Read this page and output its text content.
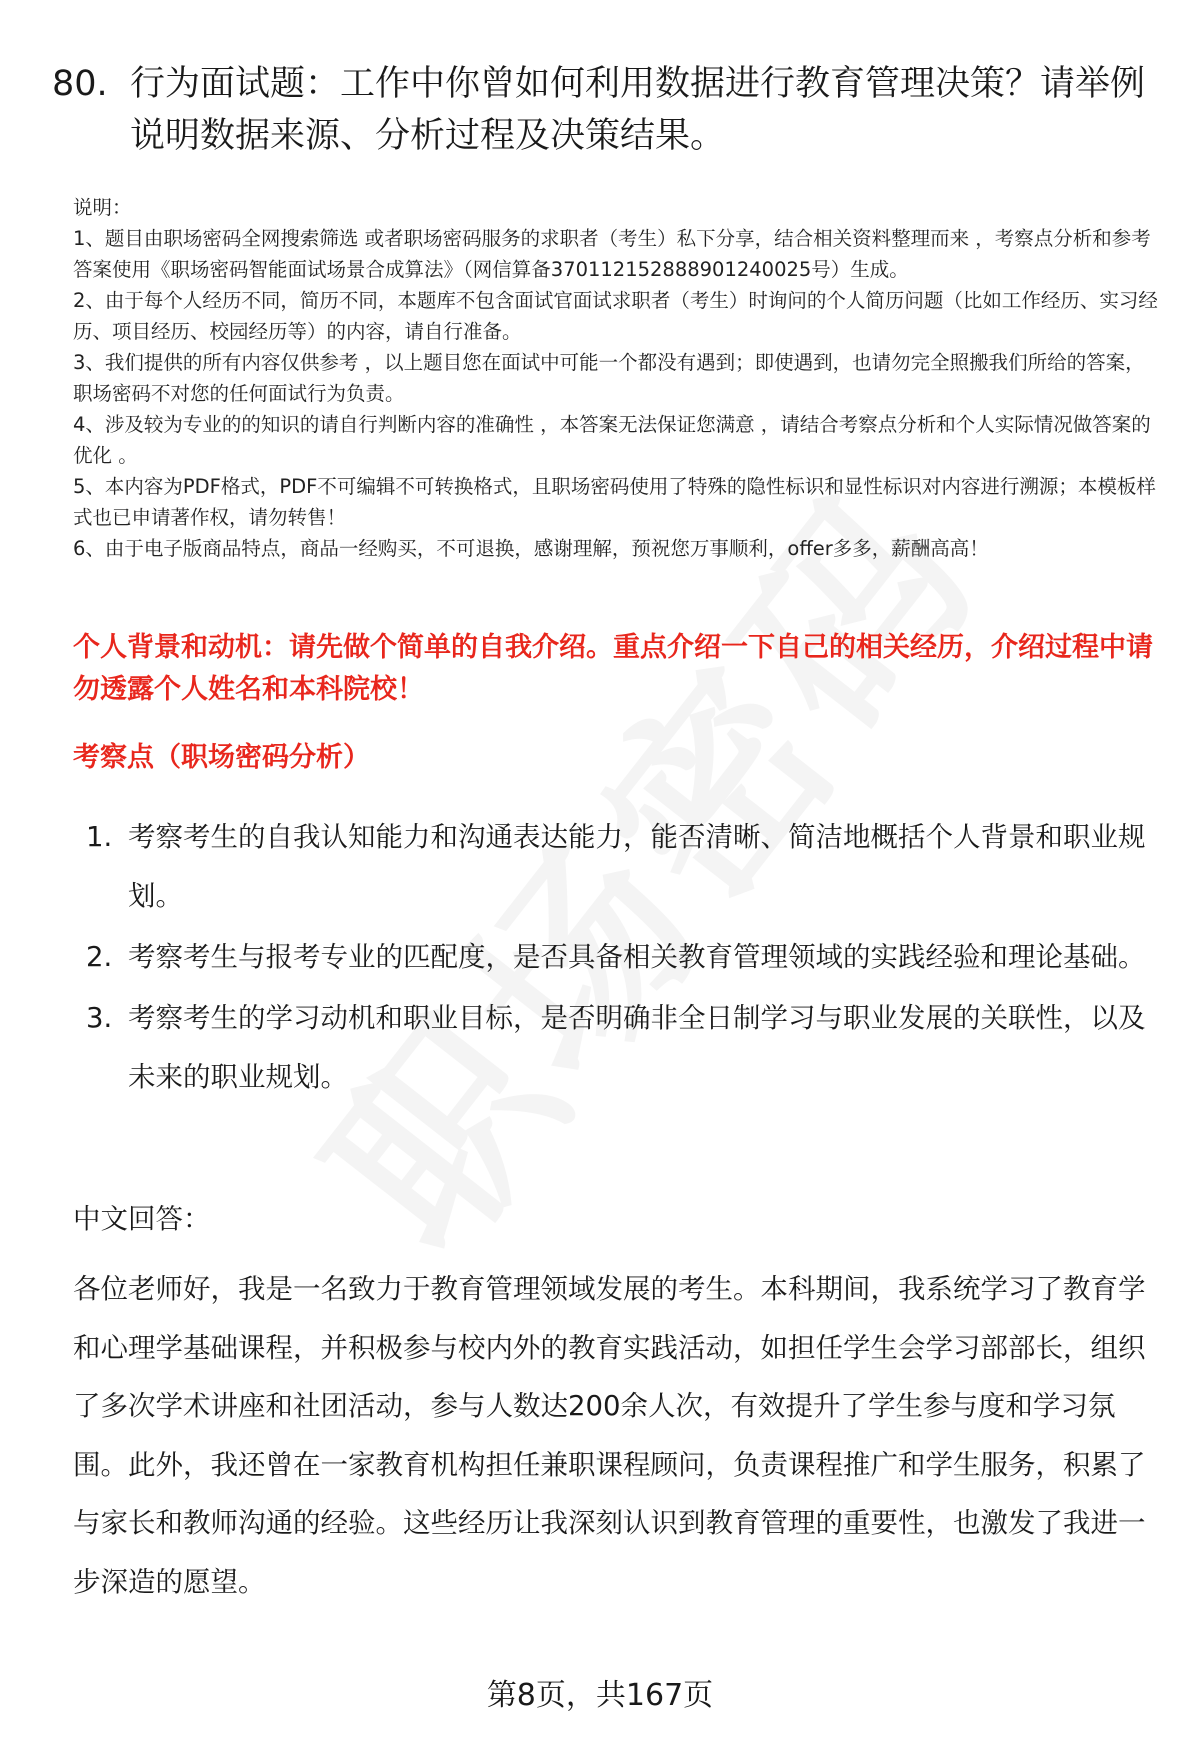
80. 行为面试题：工作中你曾如何利用数据进行教育管理决策？请举例说明数据来源、分析过程及决策结果。

说明：

1、题目由职场密码全网搜索筛选 或者职场密码服务的求职者（考生）私下分享，结合相关资料整理而来 ，考察点分析和参考答案使用《职场密码智能面试场景合成算法》（网信算备370112152888901240025号）生成。

2、由于每个人经历不同，简历不同，本题库不包含面试官面试求职者（考生）时询问的个人简历问题（比如工作经历、实习经历、项目经历、校园经历等）的内容，请自行准备。

3、我们提供的所有内容仅供参考 ，以上题目您在面试中可能一个都没有遇到；即使遇到，也请勿完全照搬我们所给的答案，职场密码不对您的任何面试行为负责。

4、涉及较为专业的的知识的请自行判断内容的准确性 ，本答案无法保证您满意 ，请结合考察点分析和个人实际情况做答案的优化 。

5、本内容为PDF格式，PDF不可编辑不可转换格式，且职场密码使用了特殊的隐性标识和显性标识对内容进行溯源；本模板样式也已申请著作权，请勿转售！

6、由于电子版商品特点，商品一经购买，不可退换，感谢理解，预祝您万事顺利，offer多多，薪酬高高！

个人背景和动机：请先做个简单的自我介绍。重点介绍一下自己的相关经历，介绍过程中请勿透露个人姓名和本科院校！
考察点（职场密码分析）
1. 考察考生的自我认知能力和沟通表达能力，能否清晰、简洁地概括个人背景和职业规划。
2. 考察考生与报考专业的匹配度，是否具备相关教育管理领域的实践经验和理论基础。
3. 考察考生的学习动机和职业目标，是否明确非全日制学习与职业发展的关联性，以及未来的职业规划。
中文回答：
各位老师好，我是一名致力于教育管理领域发展的考生。本科期间，我系统学习了教育学和心理学基础课程，并积极参与校内外的教育实践活动，如担任学生会学习部部长，组织了多次学术讲座和社团活动，参与人数达200余人次，有效提升了学生参与度和学习氛围。此外，我还曾在一家教育机构担任兼职课程顾问，负责课程推广和学生服务，积累了与家长和教师沟通的经验。这些经历让我深刻认识到教育管理的重要性，也激发了我进一步深造的愿望。
第8页，共167页
